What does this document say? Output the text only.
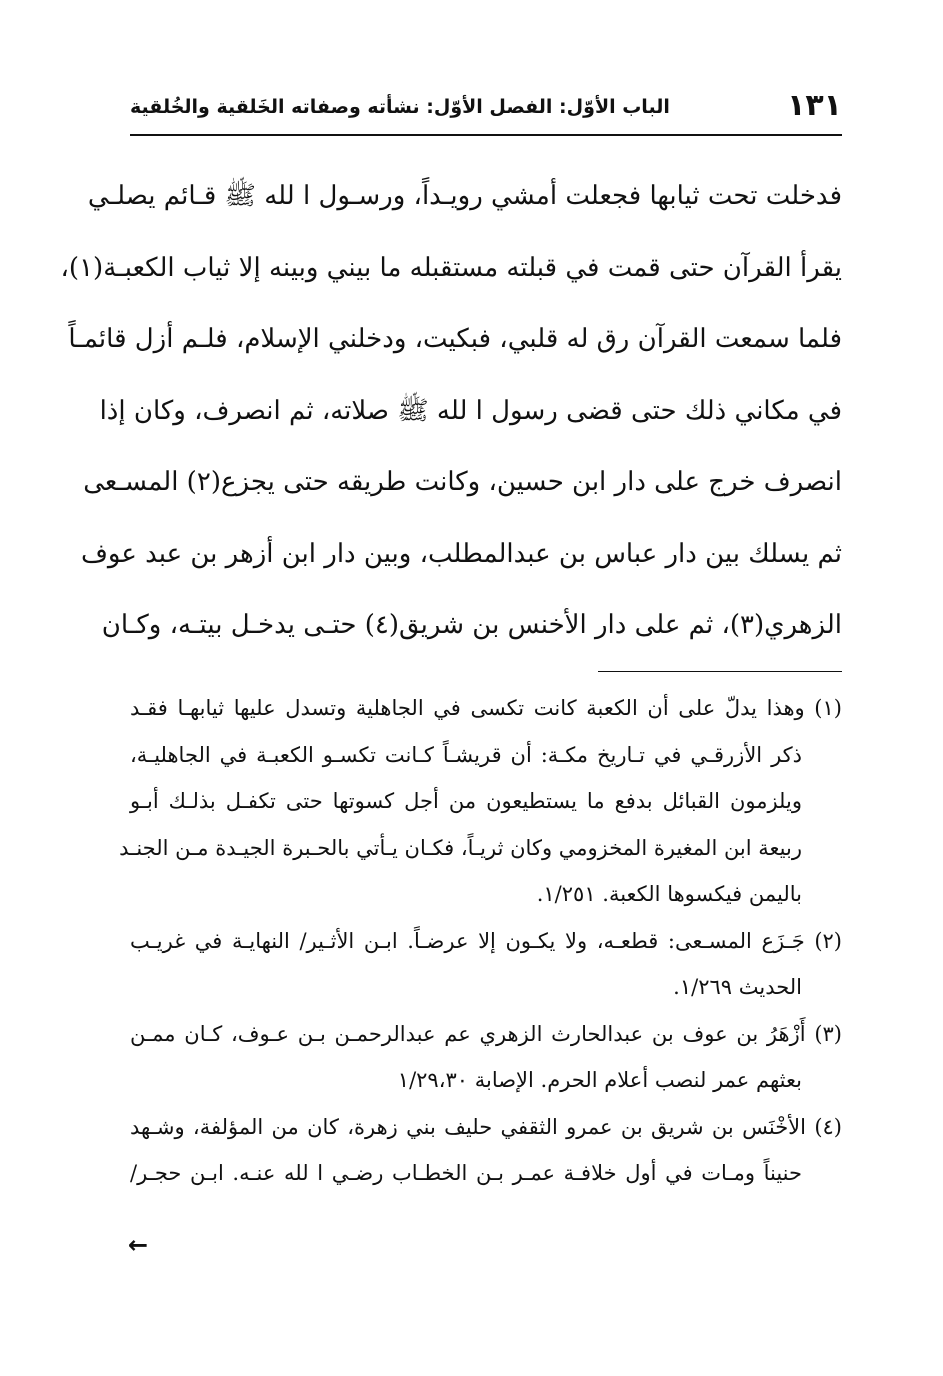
١٣١
الباب الأوّل: الفصل الأوّل: نشأته وصفاته الخَلقية والخُلقية
فدخلت تحت ثيابها فجعلت أمشي رويـداً، ورسـول ا لله ﷺ قـائم يصلـي
يقرأ القرآن حتى قمت في قبلته مستقبله ما بيني وبينه إلا ثياب الكعبـة(١)،
فلما سمعت القرآن رق له قلبي، فبكيت، ودخلني الإسلام، فلـم أزل قائمـاً
في مكاني ذلك حتى قضى رسول ا لله ﷺ صلاته، ثم انصرف، وكان إذا
انصرف خرج على دار ابن حسين، وكانت طريقه حتى يجزع(٢) المسـعى
ثم يسلك بين دار عباس بن عبدالمطلب، وبين دار ابن أزهر بن عبد عوف
الزهري(٣)، ثم على دار الأخنس بن شريق(٤) حتـى يدخـل بيتـه، وكـان
(١) وهذا يدلّ على أن الكعبة كانت تكسى في الجاهلية وتسدل عليها ثيابهـا فقـد
ذكر الأزرقـي في تـاريخ مكـة: أن قريشـاً كـانت تكسـو الكعبـة في الجاهليـة،
ويلزمون القبائل بدفع ما يستطيعون من أجل كسوتها حتى تكفـل بذلـك أبـو
ربيعة ابن المغيرة المخزومي وكان ثريـاً، فكـان يـأتي بالحـبرة الجيـدة مـن الجنـد
باليمن فيكسوها الكعبة. ١/٢٥١.
(٢) جَـزَع المسـعى: قطعـه، ولا يكـون إلا عرضـاً. ابـن الأثـير/ النهايـة في غريـب
الحديث ١/٢٦٩.
(٣) أَزْهَرُ بن عوف بن عبدالحارث الزهري عم عبدالرحمـن بـن عـوف، كـان ممـن
بعثهم عمر لنصب أعلام الحرم. الإصابة ١/٢٩،٣٠
(٤) الأخْنَس بن شريق بن عمرو الثقفي حليف بني زهرة، كان من المؤلفة، وشـهد
حنيناً ومـات في أول خلافـة عمـر بـن الخطـاب رضـي ا لله عنـه. ابـن حجـر/
←
